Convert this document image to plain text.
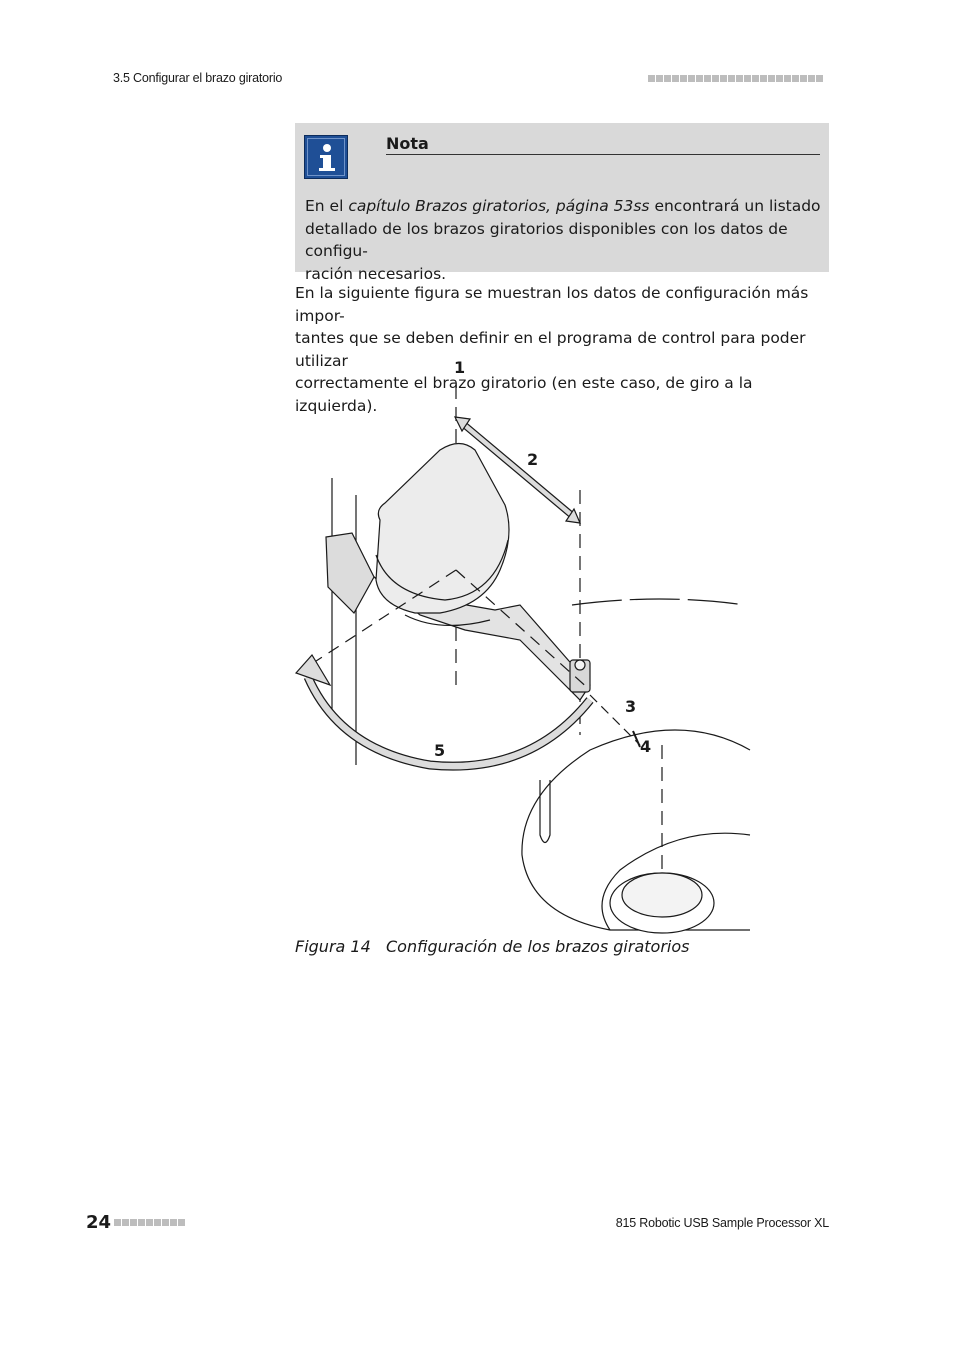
3.5 Configurar el brazo giratorio
Nota
En el capítulo Brazos giratorios, página 53ss encontrará un listado
detallado de los brazos giratorios disponibles con los datos de configu-
ración necesarios.
En la siguiente figura se muestran los datos de configuración más impor-
tantes que se deben definir en el programa de control para poder utilizar
correctamente el brazo giratorio (en este caso, de giro a la izquierda).
1
2
3
4
5
Figura 14 Configuración de los brazos giratorios
24	815 Robotic USB Sample Processor XL
